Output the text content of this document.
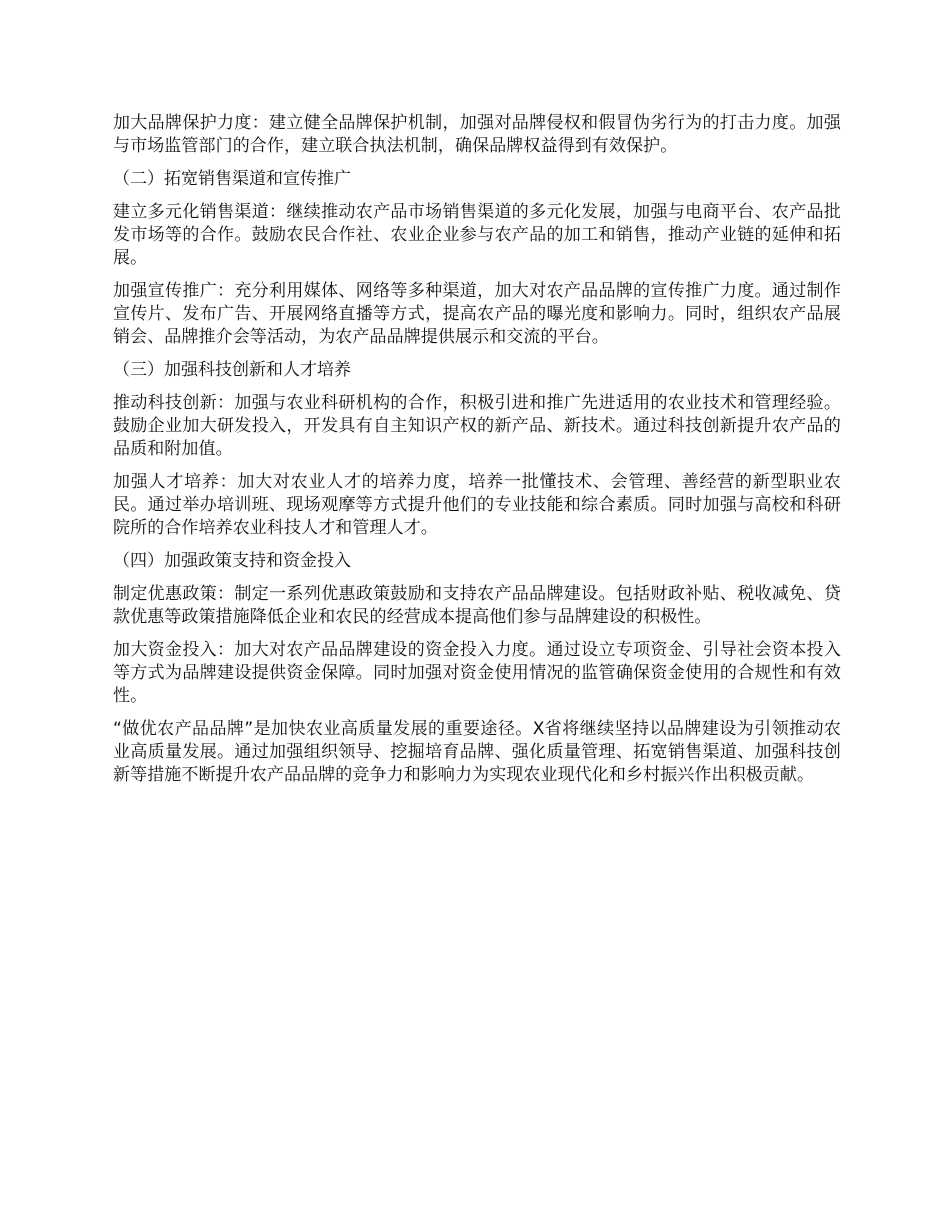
加大品牌保护力度：建立健全品牌保护机制，加强对品牌侵权和假冒伪劣行为的打击力度。加强与市场监管部门的合作，建立联合执法机制，确保品牌权益得到有效保护。

（二）拓宽销售渠道和宣传推广

建立多元化销售渠道：继续推动农产品市场销售渠道的多元化发展，加强与电商平台、农产品批发市场等的合作。鼓励农民合作社、农业企业参与农产品的加工和销售，推动产业链的延伸和拓展。

加强宣传推广：充分利用媒体、网络等多种渠道，加大对农产品品牌的宣传推广力度。通过制作宣传片、发布广告、开展网络直播等方式，提高农产品的曝光度和影响力。同时，组织农产品展销会、品牌推介会等活动，为农产品品牌提供展示和交流的平台。

（三）加强科技创新和人才培养

推动科技创新：加强与农业科研机构的合作，积极引进和推广先进适用的农业技术和管理经验。鼓励企业加大研发投入，开发具有自主知识产权的新产品、新技术。通过科技创新提升农产品的品质和附加值。

加强人才培养：加大对农业人才的培养力度，培养一批懂技术、会管理、善经营的新型职业农民。通过举办培训班、现场观摩等方式提升他们的专业技能和综合素质。同时加强与高校和科研院所的合作培养农业科技人才和管理人才。

（四）加强政策支持和资金投入

制定优惠政策：制定一系列优惠政策鼓励和支持农产品品牌建设。包括财政补贴、税收减免、贷款优惠等政策措施降低企业和农民的经营成本提高他们参与品牌建设的积极性。

加大资金投入：加大对农产品品牌建设的资金投入力度。通过设立专项资金、引导社会资本投入等方式为品牌建设提供资金保障。同时加强对资金使用情况的监管确保资金使用的合规性和有效性。

“做优农产品品牌”是加快农业高质量发展的重要途径。X省将继续坚持以品牌建设为引领推动农业高质量发展。通过加强组织领导、挖掘培育品牌、强化质量管理、拓宽销售渠道、加强科技创新等措施不断提升农产品品牌的竞争力和影响力为实现农业现代化和乡村振兴作出积极贡献。
